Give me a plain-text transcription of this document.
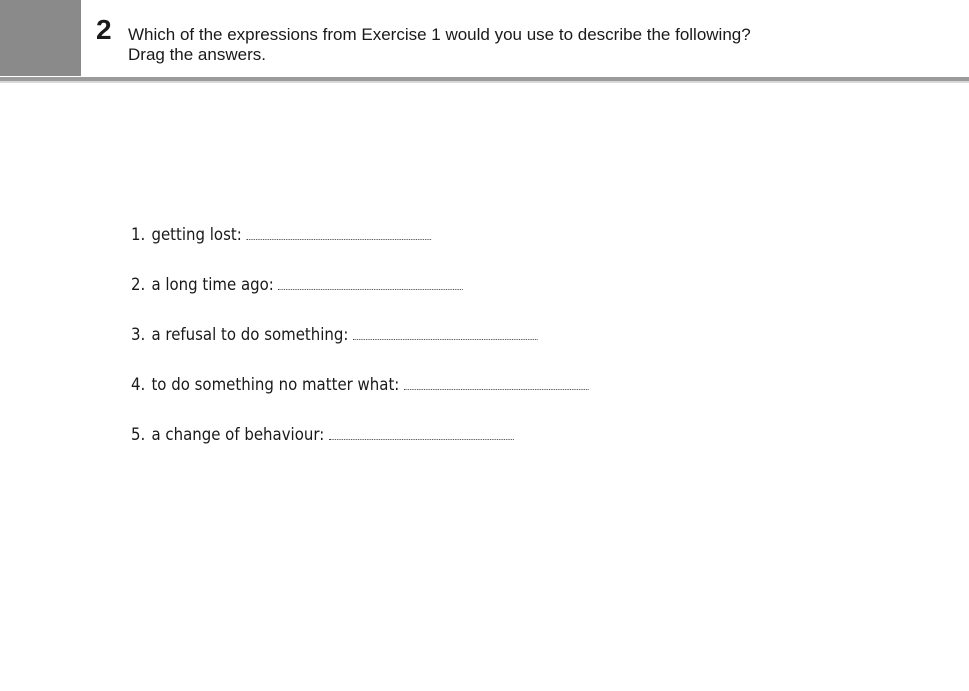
2 Which of the expressions from Exercise 1 would you use to describe the following?
Drag the answers.
1. getting lost:
2. a long time ago:
3. a refusal to do something:
4. to do something no matter what:
5. a change of behaviour:
